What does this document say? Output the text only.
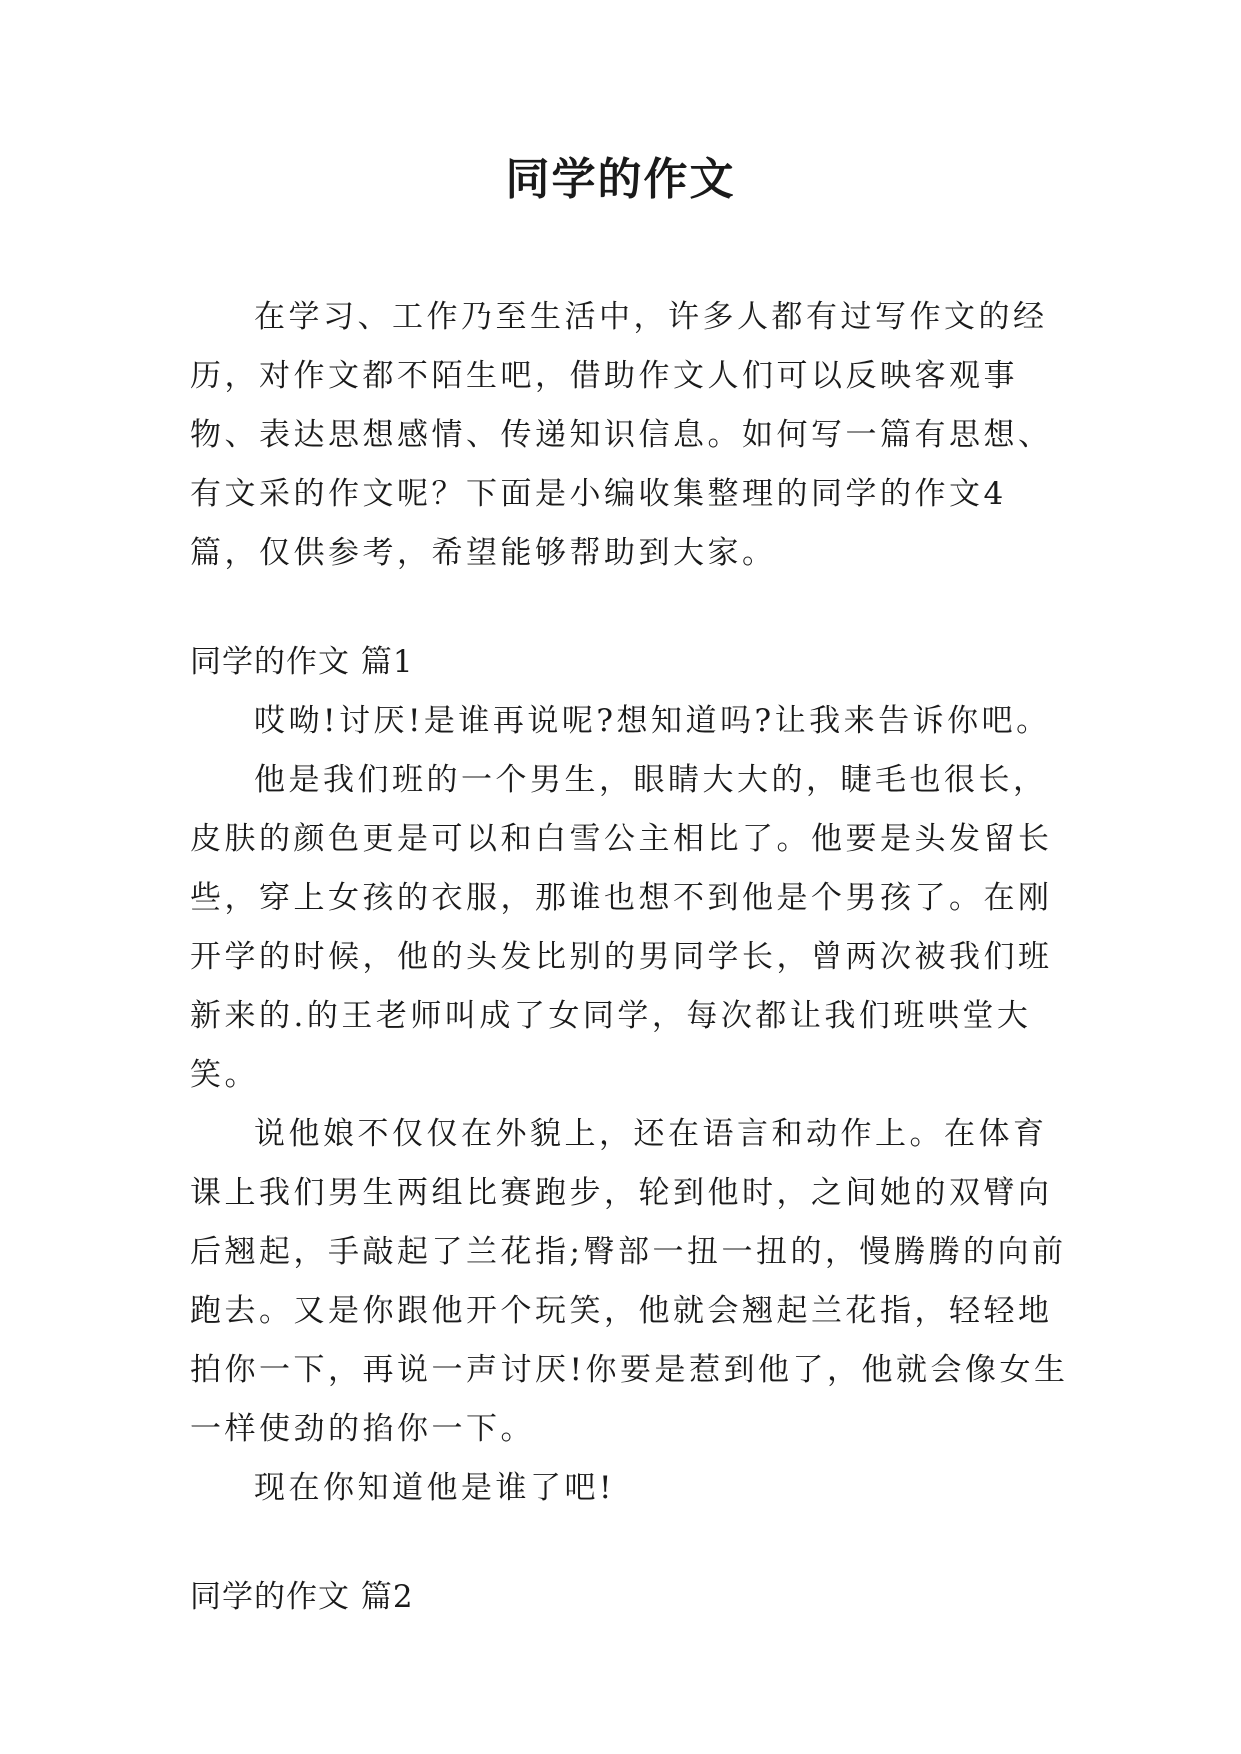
同学的作文

在学习、工作乃至生活中，许多人都有过写作文的经历，对作文都不陌生吧，借助作文人们可以反映客观事物、表达思想感情、传递知识信息。如何写一篇有思想、有文采的作文呢？下面是小编收集整理的同学的作文4篇，仅供参考，希望能够帮助到大家。

同学的作文 篇1

哎呦!讨厌!是谁再说呢?想知道吗?让我来告诉你吧。

他是我们班的一个男生，眼睛大大的，睫毛也很长，皮肤的颜色更是可以和白雪公主相比了。他要是头发留长些，穿上女孩的衣服，那谁也想不到他是个男孩了。在刚开学的时候，他的头发比别的男同学长，曾两次被我们班新来的.的王老师叫成了女同学，每次都让我们班哄堂大笑。

说他娘不仅仅在外貌上，还在语言和动作上。在体育课上我们男生两组比赛跑步，轮到他时，之间她的双臂向后翘起，手敲起了兰花指;臀部一扭一扭的，慢腾腾的向前跑去。又是你跟他开个玩笑，他就会翘起兰花指，轻轻地拍你一下，再说一声讨厌!你要是惹到他了，他就会像女生一样使劲的掐你一下。

现在你知道他是谁了吧!

同学的作文 篇2
